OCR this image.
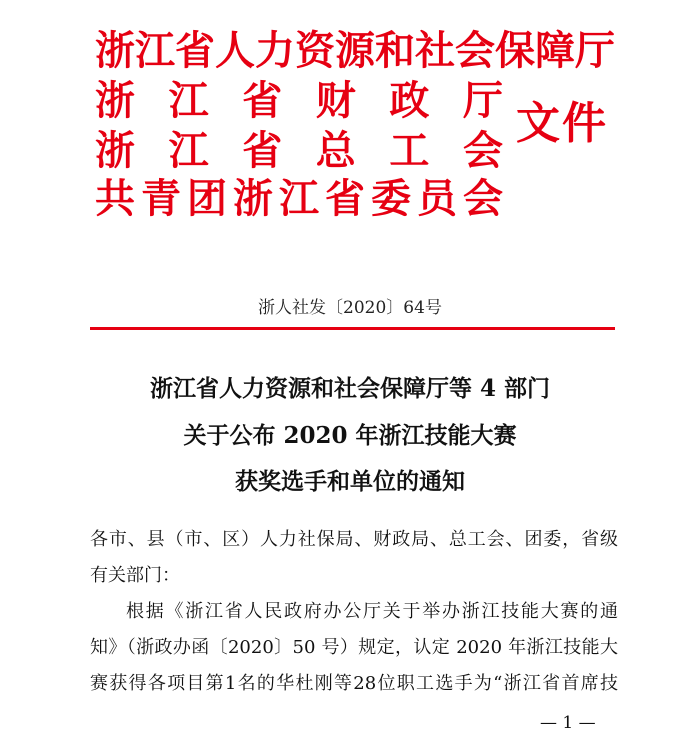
浙 江 省 人 力 资 源 和 社 会 保 障 厅
浙 江 省 财 政 厅
浙 江 省 总 工 会
共 青 团 浙 江 省 委 员 会
文件
浙人社发〔2020〕64号
浙江省人力资源和社会保障厅等 4 部门
关于公布 2020 年浙江技能大赛
获奖选手和单位的通知

各市、县（市、区）人力社保局、财政局、总工会、团委，省级

有关部门：

根据《浙江省人民政府办公厅关于举办浙江技能大赛的通

知》（浙政办函〔2020〕50 号）规定，认定 2020 年浙江技能大

赛获得各项目第1名的华杜刚等28位职工选手为“浙江省首席技

— 1 —
